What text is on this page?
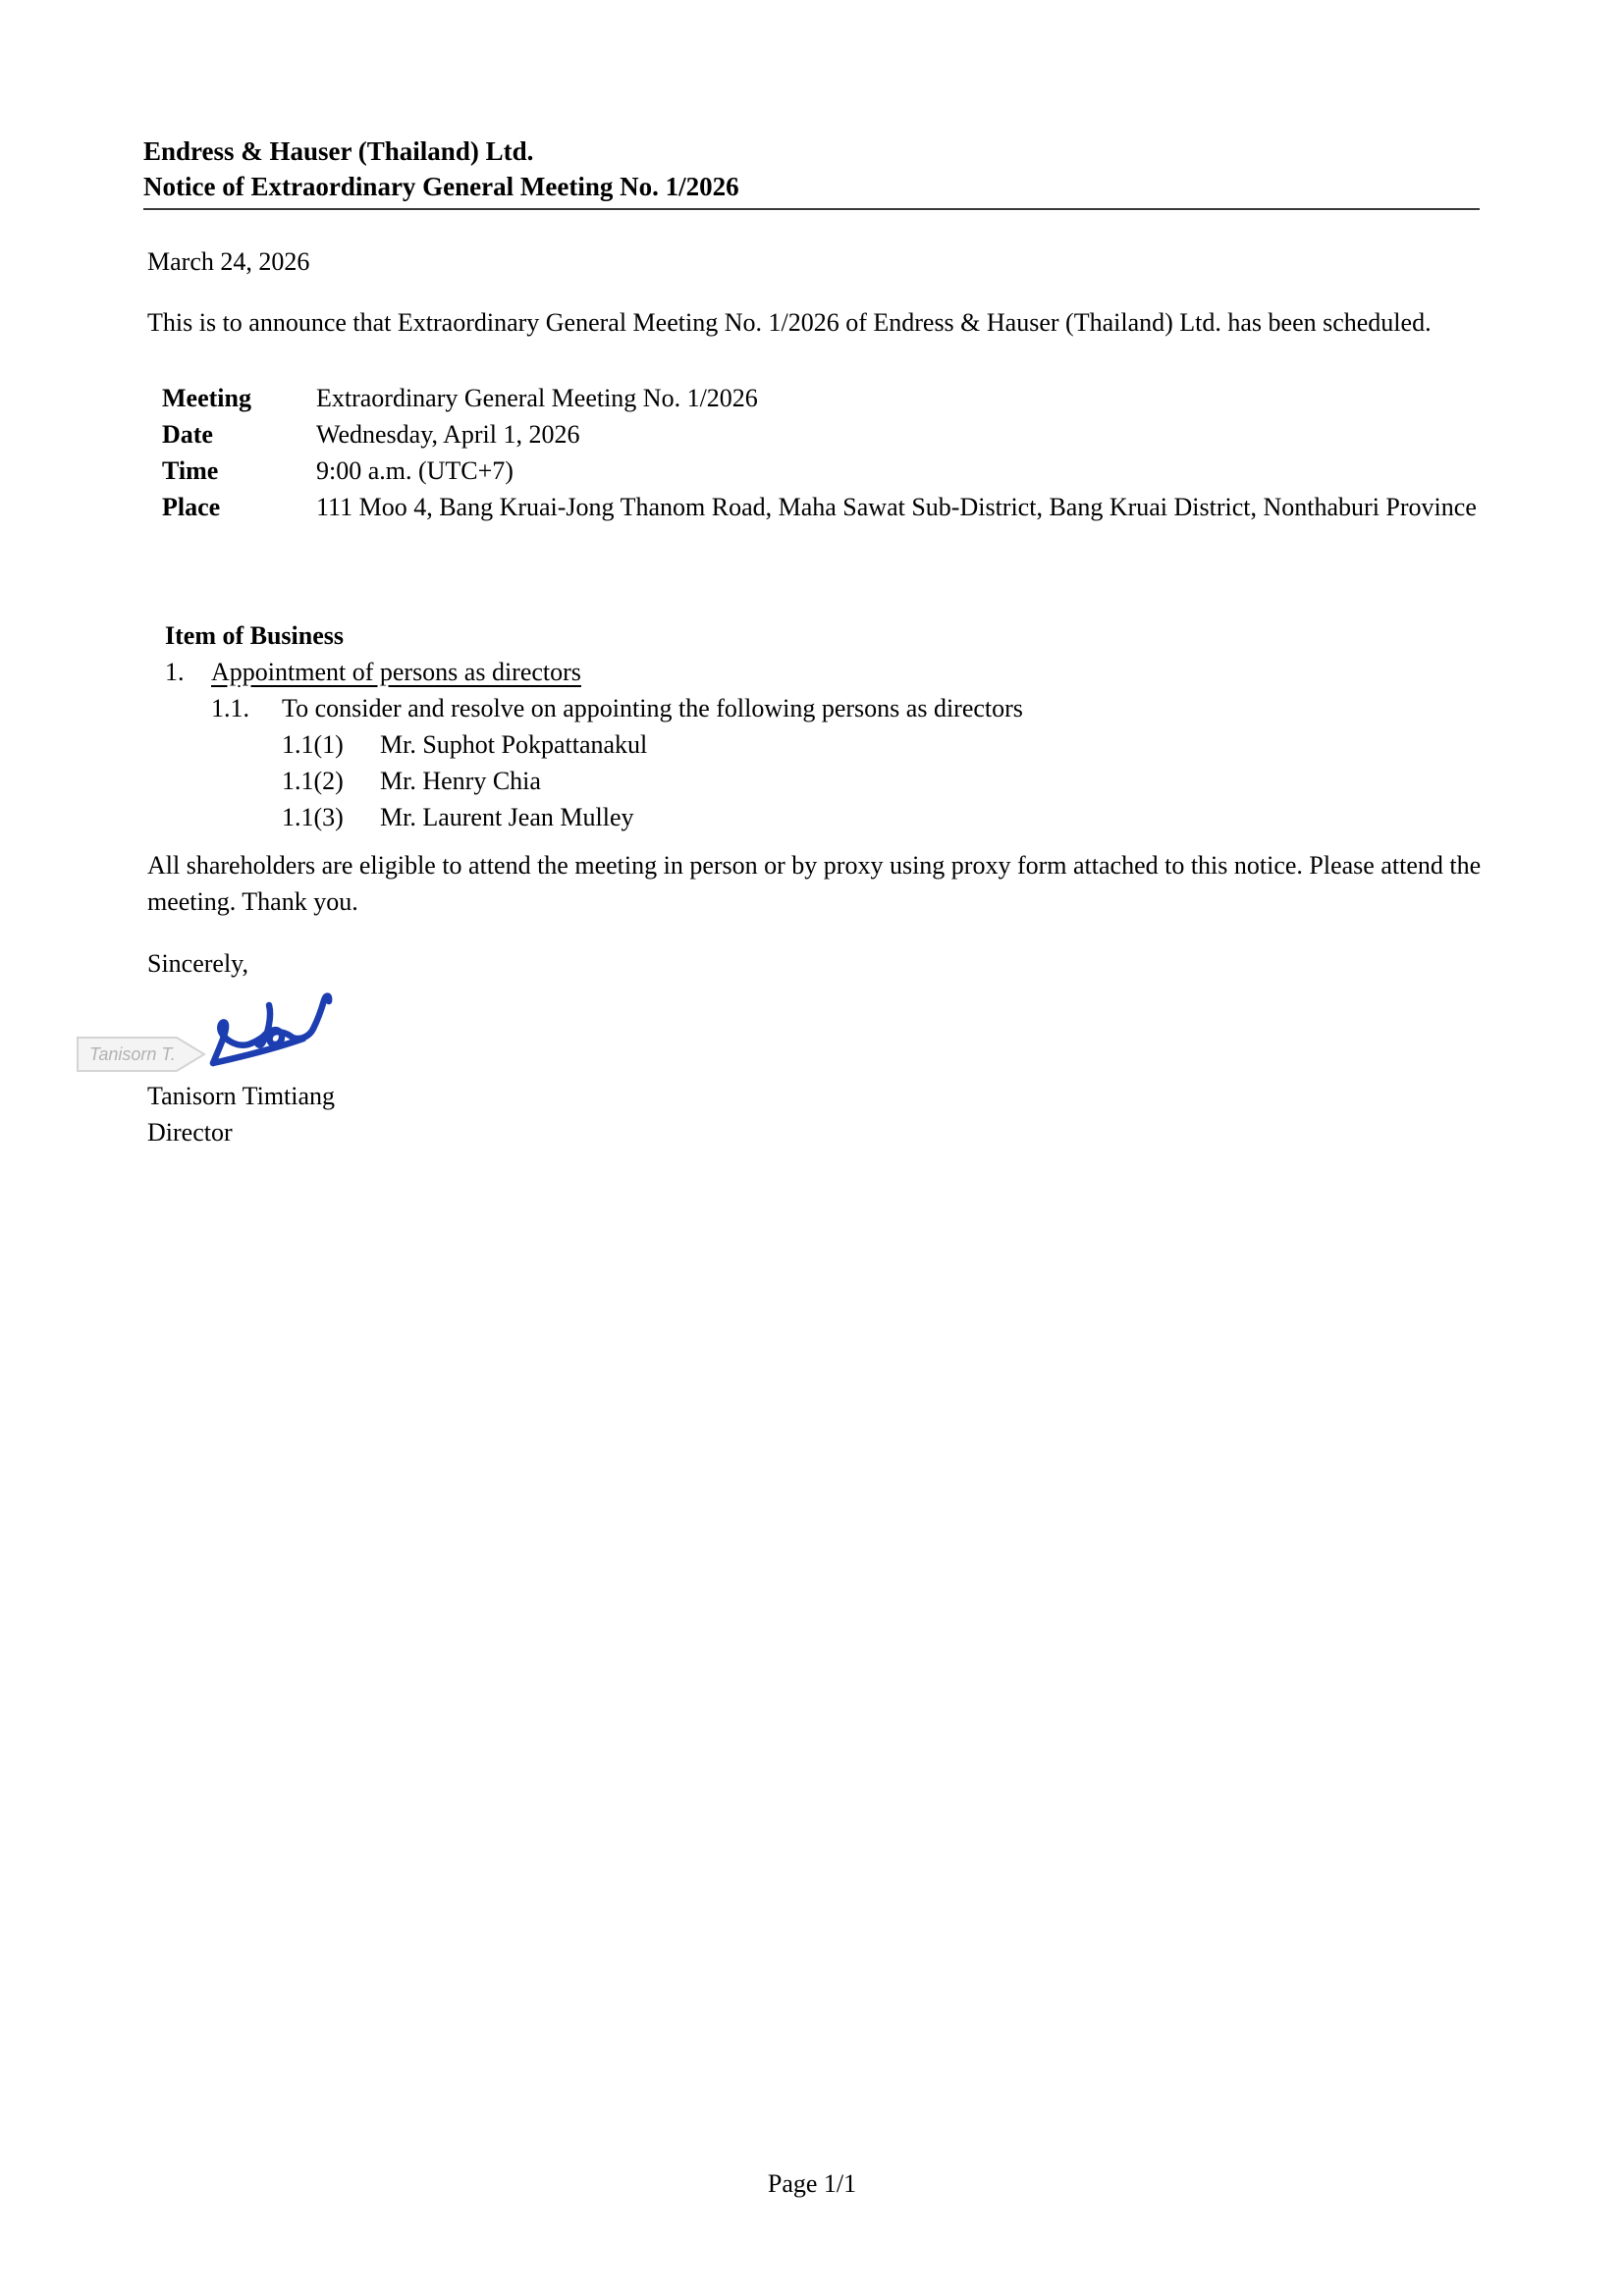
Endress & Hauser (Thailand) Ltd.
Notice of Extraordinary General Meeting No. 1/2026
March 24, 2026
This is to announce that Extraordinary General Meeting No. 1/2026 of Endress & Hauser (Thailand) Ltd. has been scheduled.
Meeting	Extraordinary General Meeting No. 1/2026
Date	Wednesday, April 1, 2026
Time	9:00 a.m. (UTC+7)
Place	111 Moo 4, Bang Kruai-Jong Thanom Road, Maha Sawat Sub-District, Bang Kruai District, Nonthaburi Province
Item of Business
1.	Appointment of persons as directors
1.1.	To consider and resolve on appointing the following persons as directors
1.1(1)	Mr. Suphot Pokpattanakul
1.1(2)	Mr. Henry Chia
1.1(3)	Mr. Laurent Jean Mulley
All shareholders are eligible to attend the meeting in person or by proxy using proxy form attached to this notice. Please attend the meeting. Thank you.
Sincerely,
Tanisorn T.
Tanisorn Timtiang
Director
Page 1/1
